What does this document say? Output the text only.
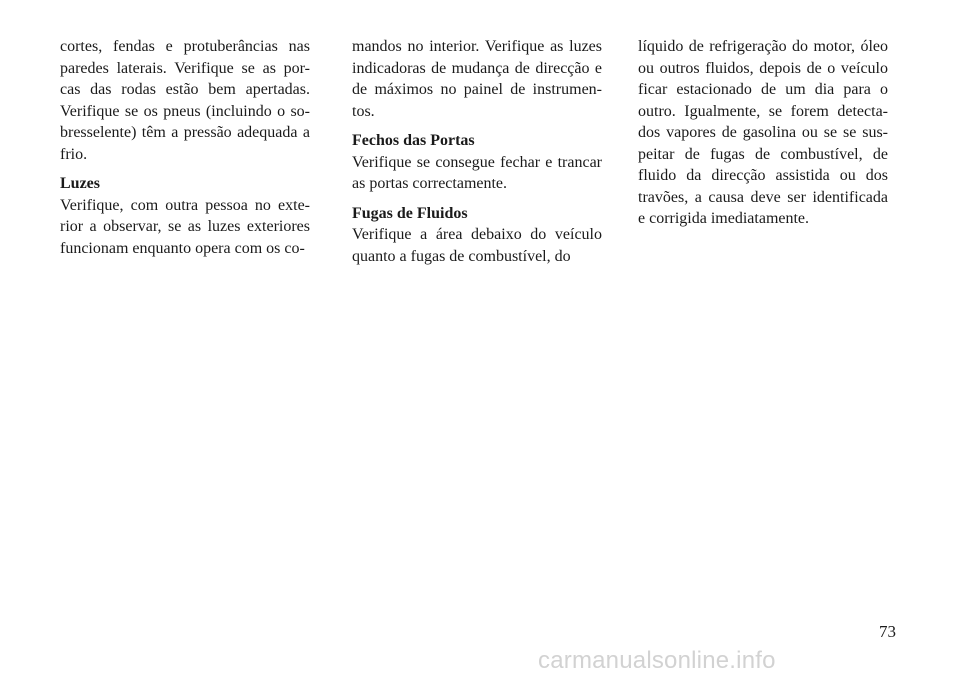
cortes, fendas e protuberâncias nas
paredes laterais. Verifique se as por-
cas das rodas estão bem apertadas.
Verifique se os pneus (incluindo o so-
bresselente) têm a pressão adequada a
frio.
Luzes
Verifique, com outra pessoa no exte-
rior a observar, se as luzes exteriores
funcionam enquanto opera com os co-
mandos no interior. Verifique as luzes
indicadoras de mudança de direcção e
de máximos no painel de instrumen-
tos.
Fechos das Portas
Verifique se consegue fechar e trancar
as portas correctamente.
Fugas de Fluidos
Verifique a área debaixo do veículo
quanto a fugas de combustível, do
líquido de refrigeração do motor, óleo
ou outros fluidos, depois de o veículo
ficar estacionado de um dia para o
outro. Igualmente, se forem detecta-
dos vapores de gasolina ou se se sus-
peitar de fugas de combustível, de
fluido da direcção assistida ou dos
travões, a causa deve ser identificada
e corrigida imediatamente.
73
carmanualsonline.info
